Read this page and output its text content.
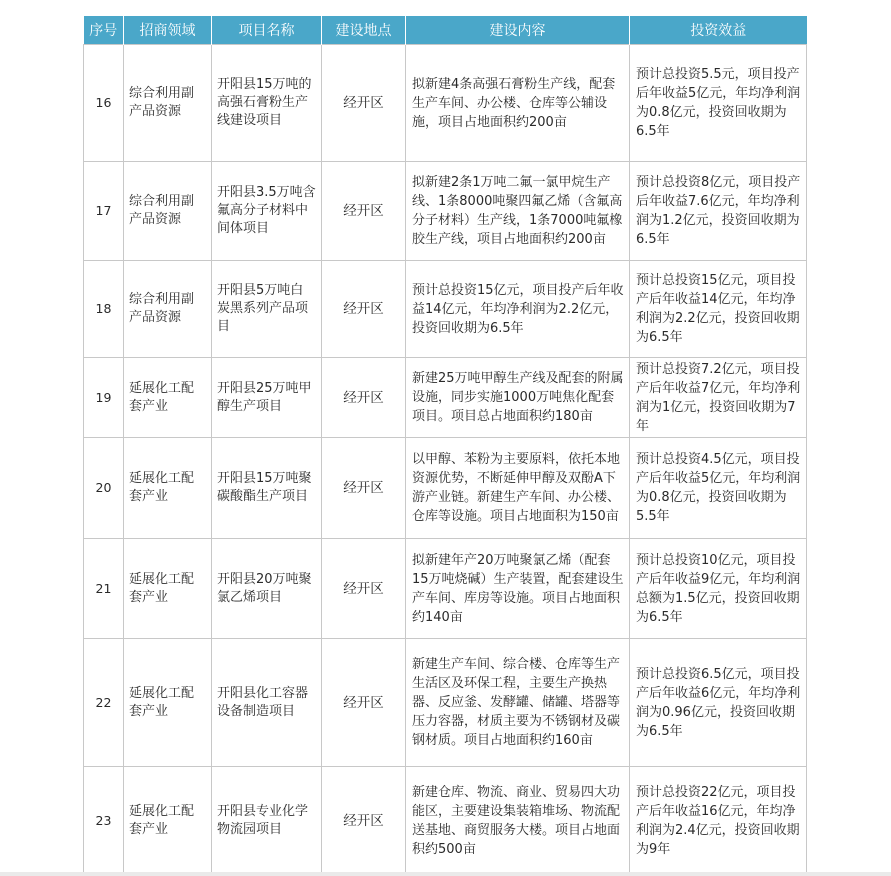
序号	招商领域	项目名称	建设地点	建设内容	投资效益
16	综合利用副产品资源	开阳县15万吨的高强石膏粉生产线建设项目	经开区	拟新建4条高强石膏粉生产线，配套生产车间、办公楼、仓库等公辅设施，项目占地面积约200亩	预计总投资5.5元，项目投产后年收益5亿元，年均净利润为0.8亿元，投资回收期为6.5年
17	综合利用副产品资源	开阳县3.5万吨含氟高分子材料中间体项目	经开区	拟新建2条1万吨二氟一氯甲烷生产线、1条8000吨聚四氟乙烯（含氟高分子材料）生产线，1条7000吨氟橡胶生产线，项目占地面积约200亩	预计总投资8亿元，项目投产后年收益7.6亿元，年均净利润为1.2亿元，投资回收期为6.5年
18	综合利用副产品资源	开阳县5万吨白炭黑系列产品项目	经开区	预计总投资15亿元，项目投产后年收益14亿元，年均净利润为2.2亿元，投资回收期为6.5年	预计总投资15亿元，项目投产后年收益14亿元，年均净利润为2.2亿元，投资回收期为6.5年
19	延展化工配套产业	开阳县25万吨甲醇生产项目	经开区	新建25万吨甲醇生产线及配套的附属设施，同步实施1000万吨焦化配套项目。项目总占地面积约180亩	预计总投资7.2亿元，项目投产后年收益7亿元，年均净利润为1亿元，投资回收期为7年
20	延展化工配套产业	开阳县15万吨聚碳酸酯生产项目	经开区	以甲醇、苯粉为主要原料，依托本地资源优势，不断延伸甲醇及双酚A下游产业链。新建生产车间、办公楼、仓库等设施。项目占地面积为150亩	预计总投资4.5亿元，项目投产后年收益5亿元，年均利润为0.8亿元，投资回收期为5.5年
21	延展化工配套产业	开阳县20万吨聚氯乙烯项目	经开区	拟新建年产20万吨聚氯乙烯（配套15万吨烧碱）生产装置，配套建设生产车间、库房等设施。项目占地面积约140亩	预计总投资10亿元，项目投产后年收益9亿元，年均利润总额为1.5亿元，投资回收期为6.5年
22	延展化工配套产业	开阳县化工容器设备制造项目	经开区	新建生产车间、综合楼、仓库等生产生活区及环保工程，主要生产换热器、反应釜、发酵罐、储罐、塔器等压力容器，材质主要为不锈钢材及碳钢材质。项目占地面积约160亩	预计总投资6.5亿元，项目投产后年收益6亿元，年均净利润为0.96亿元，投资回收期为6.5年
23	延展化工配套产业	开阳县专业化学物流园项目	经开区	新建仓库、物流、商业、贸易四大功能区，主要建设集装箱堆场、物流配送基地、商贸服务大楼。项目占地面积约500亩	预计总投资22亿元，项目投产后年收益16亿元，年均净利润为2.4亿元，投资回收期为9年
